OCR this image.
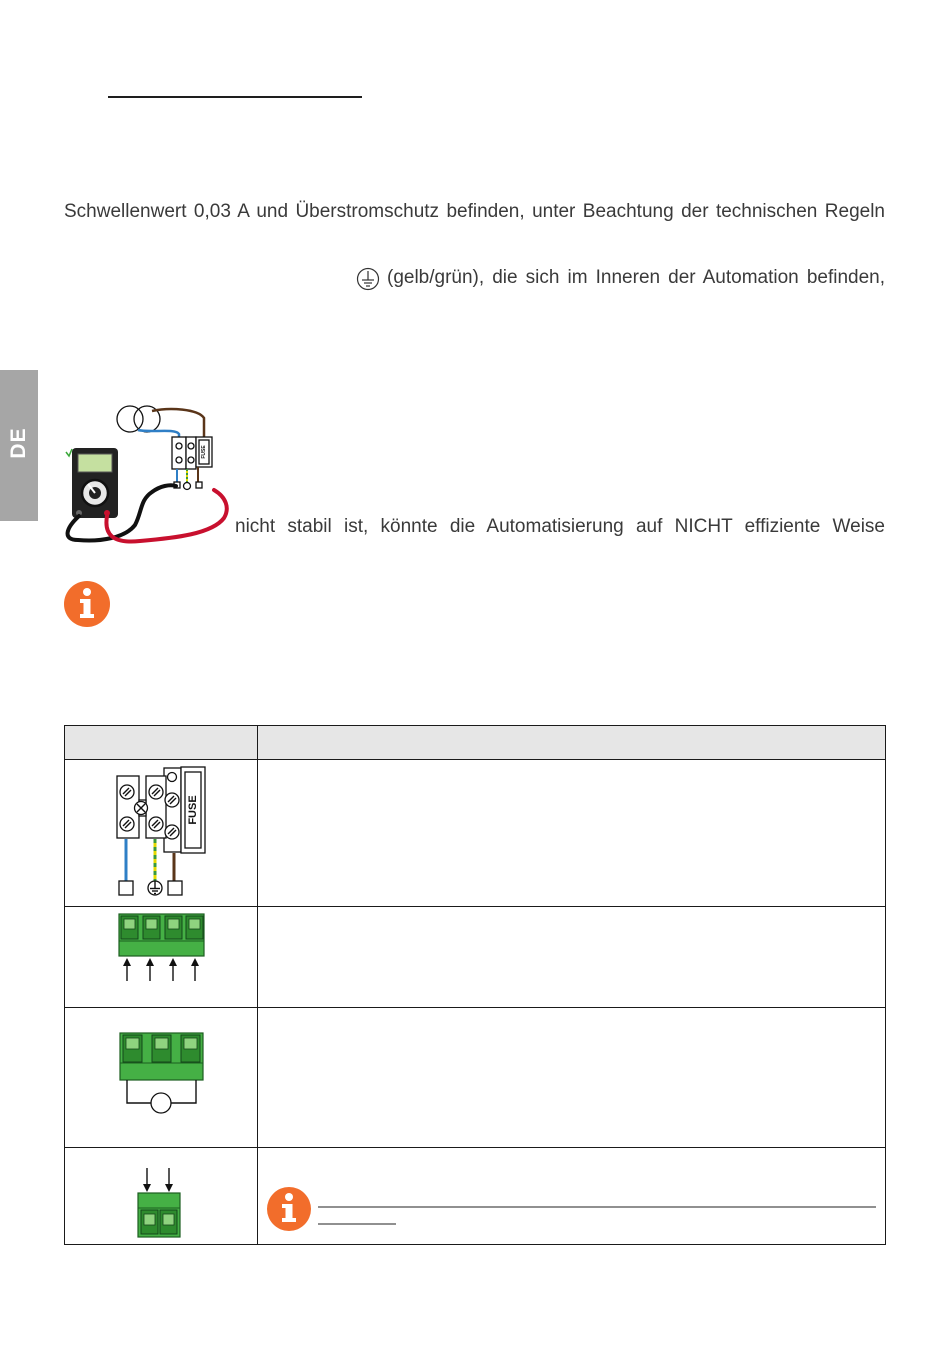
DE
Schwellenwert 0,03 A und Überstromschutz befinden, unter Beachtung der technischen Regeln
(gelb/grün), die sich im Inneren der Automation befinden,
nicht stabil ist, könnte die Automatisierung auf NICHT effiziente Weise
FUSE
FUSE
